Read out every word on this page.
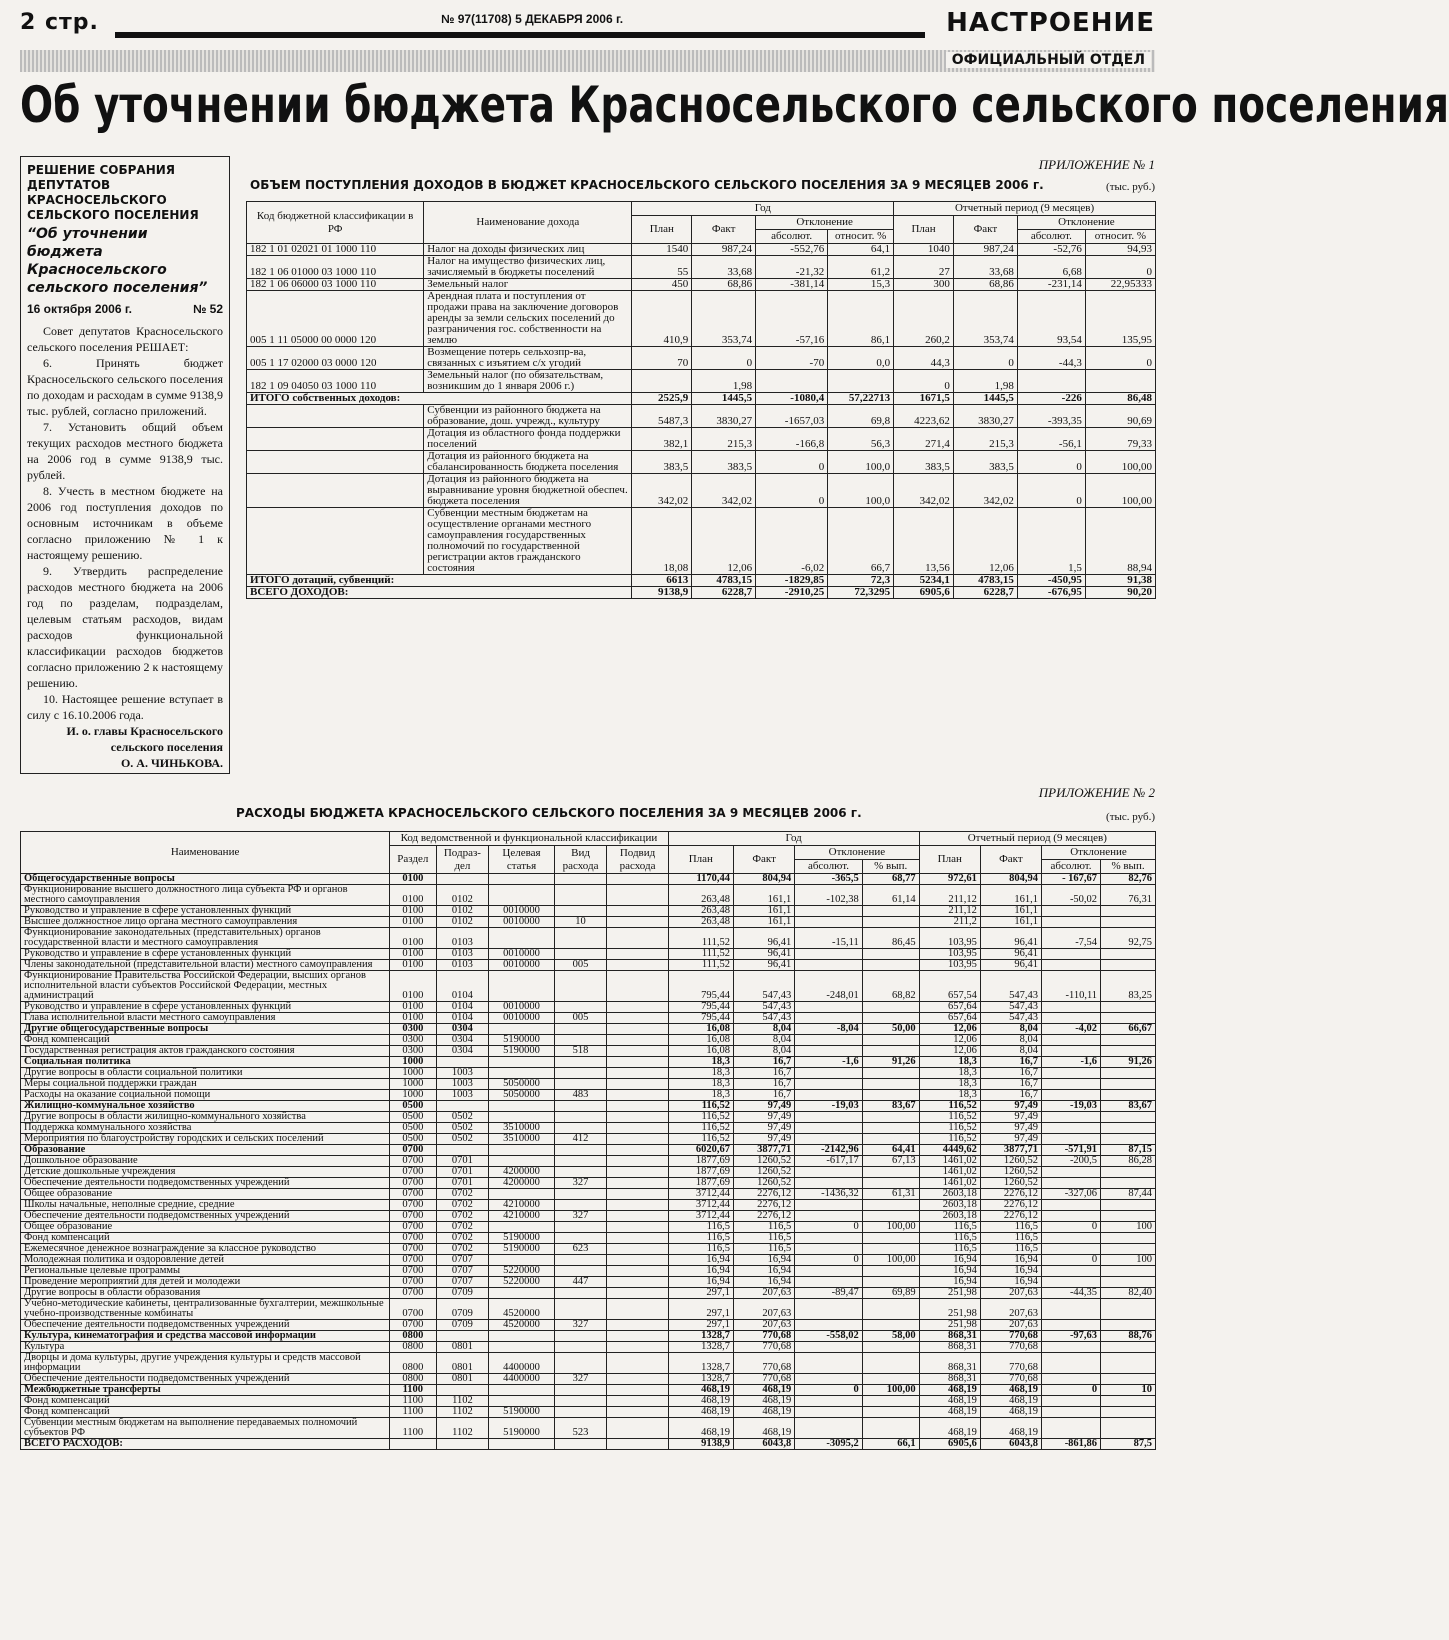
2 стр.	№ 97(11708) 5 ДЕКАБРЯ 2006 г.	НАСТРОЕНИЕ
ОФИЦИАЛЬНЫЙ ОТДЕЛ
Об уточнении бюджета Красносельского сельского поселения
РЕШЕНИЕ СОБРАНИЯ ДЕПУТАТОВ КРАСНОСЕЛЬСКОГО СЕЛЬСКОГО ПОСЕЛЕНИЯ
“Об уточнении бюджета Красносельского сельского поселения”
16 октября 2006 г.	№ 52

Совет депутатов Красносельского сельского поселения РЕШАЕТ:

6. Принять бюджет Красносельского сельского поселения по доходам и расходам в сумме 9138,9 тыс. рублей, согласно приложений.

7. Установить общий объем текущих расходов местного бюджета на 2006 год в сумме 9138,9 тыс. рублей.

8. Учесть в местном бюджете на 2006 год поступления доходов по основным источникам в объеме согласно приложению № 1 к настоящему решению.

9. Утвердить распределение расходов местного бюджета на 2006 год по разделам, подразделам, целевым статьям расходов, видам расходов функциональной классификации расходов бюджетов согласно приложению 2 к настоящему решению.

10. Настоящее решение вступает в силу с 16.10.2006 года.

И. о. главы Красносельского сельского поселения

О. А. ЧИНЬКОВА.

ПРИЛОЖЕНИЕ № 1
ОБЪЕМ ПОСТУПЛЕНИЯ ДОХОДОВ В БЮДЖЕТ КРАСНОСЕЛЬСКОГО СЕЛЬСКОГО ПОСЕЛЕНИЯ ЗА 9 МЕСЯЦЕВ 2006 г.	(тыс. руб.)
Код бюджетной классификации в РФ	Наименование дохода	Год				Отчетный период (9 месяцев)			
		План	Факт	Отклонение		План	Факт	Отклонение	
				абсолют.	относит. %			абсолют.	относит. %
182 1 01 02021 01 1000 110	Налог на доходы физических лиц	1540	987,24	-552,76	64,1	1040	987,24	-52,76	94,93
182 1 06 01000 03 1000 110	Налог на имущество физических лиц, зачисляемый в бюджеты поселений	55	33,68	-21,32	61,2	27	33,68	6,68	0
182 1 06 06000 03 1000 110	Земельный налог	450	68,86	-381,14	15,3	300	68,86	-231,14	22,95333
005 1 11 05000 00 0000 120	Арендная плата и поступления от продажи права на заключение договоров аренды за земли сельских поселений до разграничения гос. собственности на землю	410,9	353,74	-57,16	86,1	260,2	353,74	93,54	135,95
005 1 17 02000 03 0000 120	Возмещение потерь сельхозпр-ва, связанных с изъятием с/х угодий	70	0	-70	0,0	44,3	0	-44,3	0
182 1 09 04050 03 1000 110	Земельный налог (по обязательствам, возникшим до 1 января 2006 г.)		1,98			0	1,98		
ИТОГО собственных доходов:		2525,9	1445,5	-1080,4	57,22713	1671,5	1445,5	-226	86,48
	Субвенции из районного бюджета на образование, дош. учрежд., культуру	5487,3	3830,27	-1657,03	69,8	4223,62	3830,27	-393,35	90,69
	Дотация из областного фонда поддержки поселений	382,1	215,3	-166,8	56,3	271,4	215,3	-56,1	79,33
	Дотация из районного бюджета на сбалансированность бюджета поселения	383,5	383,5	0	100,0	383,5	383,5	0	100,00
	Дотация из районного бюджета на выравнивание уровня бюджетной обеспеч. бюджета поселения	342,02	342,02	0	100,0	342,02	342,02	0	100,00
	Субвенции местным бюджетам на осуществление органами местного самоуправления государственных полномочий по государственной регистрации актов гражданского состояния	18,08	12,06	-6,02	66,7	13,56	12,06	1,5	88,94
ИТОГО дотаций, субвенций:		6613	4783,15	-1829,85	72,3	5234,1	4783,15	-450,95	91,38
ВСЕГО ДОХОДОВ:		9138,9	6228,7	-2910,25	72,3295	6905,6	6228,7	-676,95	90,20
ПРИЛОЖЕНИЕ № 2
РАСХОДЫ БЮДЖЕТА КРАСНОСЕЛЬСКОГО СЕЛЬСКОГО ПОСЕЛЕНИЯ ЗА 9 МЕСЯЦЕВ 2006 г.	(тыс. руб.)
Наименование	Код ведомственной и функциональной классификации					Год				Отчетный период (9 месяцев)			
	Раздел	Подраз-дел	Целевая статья	Вид расхода	Подвид расхода	План	Факт	Отклонение		План	Факт	Отклонение	
								абсолют.	% вып.			абсолют.	% вып.
Общегосударственные вопросы	0100					1170,44	804,94	-365,5	68,77	972,61	804,94	- 167,67	82,76
Функционирование высшего должностного лица субъекта РФ и органов местного самоуправления	0100	0102				263,48	161,1	-102,38	61,14	211,12	161,1	-50,02	76,31
Руководство и управление в сфере установленных функций	0100	0102	0010000			263,48	161,1			211,12	161,1		
Высшее должностное лицо органа местного самоуправления	0100	0102	0010000	10		263,48	161,1			211,2	161,1		
Функционирование законодательных (представительных) органов государственной власти и местного самоуправления	0100	0103				111,52	96,41	-15,11	86,45	103,95	96,41	-7,54	92,75
Руководство и управление в сфере установленных функций	0100	0103	0010000			111,52	96,41			103,95	96,41		
Члены законодательной (представительной власти) местного самоуправления	0100	0103	0010000	005		111,52	96,41			103,95	96,41		
Функционирование Правительства Российской Федерации, высших органов исполнительной власти субъектов Российской Федерации, местных администраций	0100	0104				795,44	547,43	-248,01	68,82	657,54	547,43	-110,11	83,25
Руководство и управление в сфере установленных функций	0100	0104	0010000			795,44	547,43			657,64	547,43		
Глава исполнительной власти местного самоуправления	0100	0104	0010000	005		795,44	547,43			657,64	547,43		
Другие общегосударственные вопросы	0300	0304				16,08	8,04	-8,04	50,00	12,06	8,04	-4,02	66,67
Фонд компенсаций	0300	0304	5190000			16,08	8,04			12,06	8,04		
Государственная регистрация актов гражданского состояния	0300	0304	5190000	518		16,08	8,04			12,06	8,04		
Социальная политика	1000					18,3	16,7	-1,6	91,26	18,3	16,7	-1,6	91,26
Другие вопросы в области социальной политики	1000	1003				18,3	16,7			18,3	16,7		
Меры социальной поддержки граждан	1000	1003	5050000			18,3	16,7			18,3	16,7		
Расходы на оказание социальной помощи	1000	1003	5050000	483		18,3	16,7			18,3	16,7		
Жилищно-коммунальное хозяйство	0500					116,52	97,49	-19,03	83,67	116,52	97,49	-19,03	83,67
Другие вопросы в области жилищно-коммунального хозяйства	0500	0502				116,52	97,49			116,52	97,49		
Поддержка коммунального хозяйства	0500	0502	3510000			116,52	97,49			116,52	97,49		
Мероприятия по благоустройству городских и сельских поселений	0500	0502	3510000	412		116,52	97,49			116,52	97,49		
Образование	0700					6020,67	3877,71	-2142,96	64,41	4449,62	3877,71	-571,91	87,15
Дошкольное образование	0700	0701				1877,69	1260,52	-617,17	67,13	1461,02	1260,52	-200,5	86,28
Детские дошкольные учреждения	0700	0701	4200000			1877,69	1260,52			1461,02	1260,52		
Обеспечение деятельности подведомственных учреждений	0700	0701	4200000	327		1877,69	1260,52			1461,02	1260,52		
Общее образование	0700	0702				3712,44	2276,12	-1436,32	61,31	2603,18	2276,12	-327,06	87,44
Школы начальные, неполные средние, средние	0700	0702	4210000			3712,44	2276,12			2603,18	2276,12		
Обеспечение деятельности подведомственных учреждений	0700	0702	4210000	327		3712,44	2276,12			2603,18	2276,12		
Общее образование	0700	0702				116,5	116,5	0	100,00	116,5	116,5	0	100
Фонд компенсаций	0700	0702	5190000			116,5	116,5			116,5	116,5		
Ежемесячное денежное вознаграждение за классное руководство	0700	0702	5190000	623		116,5	116,5			116,5	116,5		
Молодежная политика и оздоровление детей	0700	0707				16,94	16,94	0	100,00	16,94	16,94	0	100
Региональные целевые программы	0700	0707	5220000			16,94	16,94			16,94	16,94		
Проведение мероприятий для детей и молодежи	0700	0707	5220000	447		16,94	16,94			16,94	16,94		
Другие вопросы в области образования	0700	0709				297,1	207,63	-89,47	69,89	251,98	207,63	-44,35	82,40
Учебно-методические кабинеты, централизованные бухгалтерии, межшкольные учебно-производственные комбинаты	0700	0709	4520000			297,1	207,63			251,98	207,63		
Обеспечение деятельности подведомственных учреждений	0700	0709	4520000	327		297,1	207,63			251,98	207,63		
Культура, кинематография и средства массовой информации	0800					1328,7	770,68	-558,02	58,00	868,31	770,68	-97,63	88,76
Культура	0800	0801				1328,7	770,68			868,31	770,68		
Дворцы и дома культуры, другие учреждения культуры и средств массовой информации	0800	0801	4400000			1328,7	770,68			868,31	770,68		
Обеспечение деятельности подведомственных учреждений	0800	0801	4400000	327		1328,7	770,68			868,31	770,68		
Межбюджетные трансферты	1100					468,19	468,19	0	100,00	468,19	468,19	0	10
Фонд компенсаций	1100	1102				468,19	468,19			468,19	468,19		
Фонд компенсаций	1100	1102	5190000			468,19	468,19			468,19	468,19		
Субвенции местным бюджетам на выполнение передаваемых полномочий субъектов РФ	1100	1102	5190000	523		468,19	468,19			468,19	468,19		
ВСЕГО РАСХОДОВ:						9138,9	6043,8	-3095,2	66,1	6905,6	6043,8	-861,86	87,5
